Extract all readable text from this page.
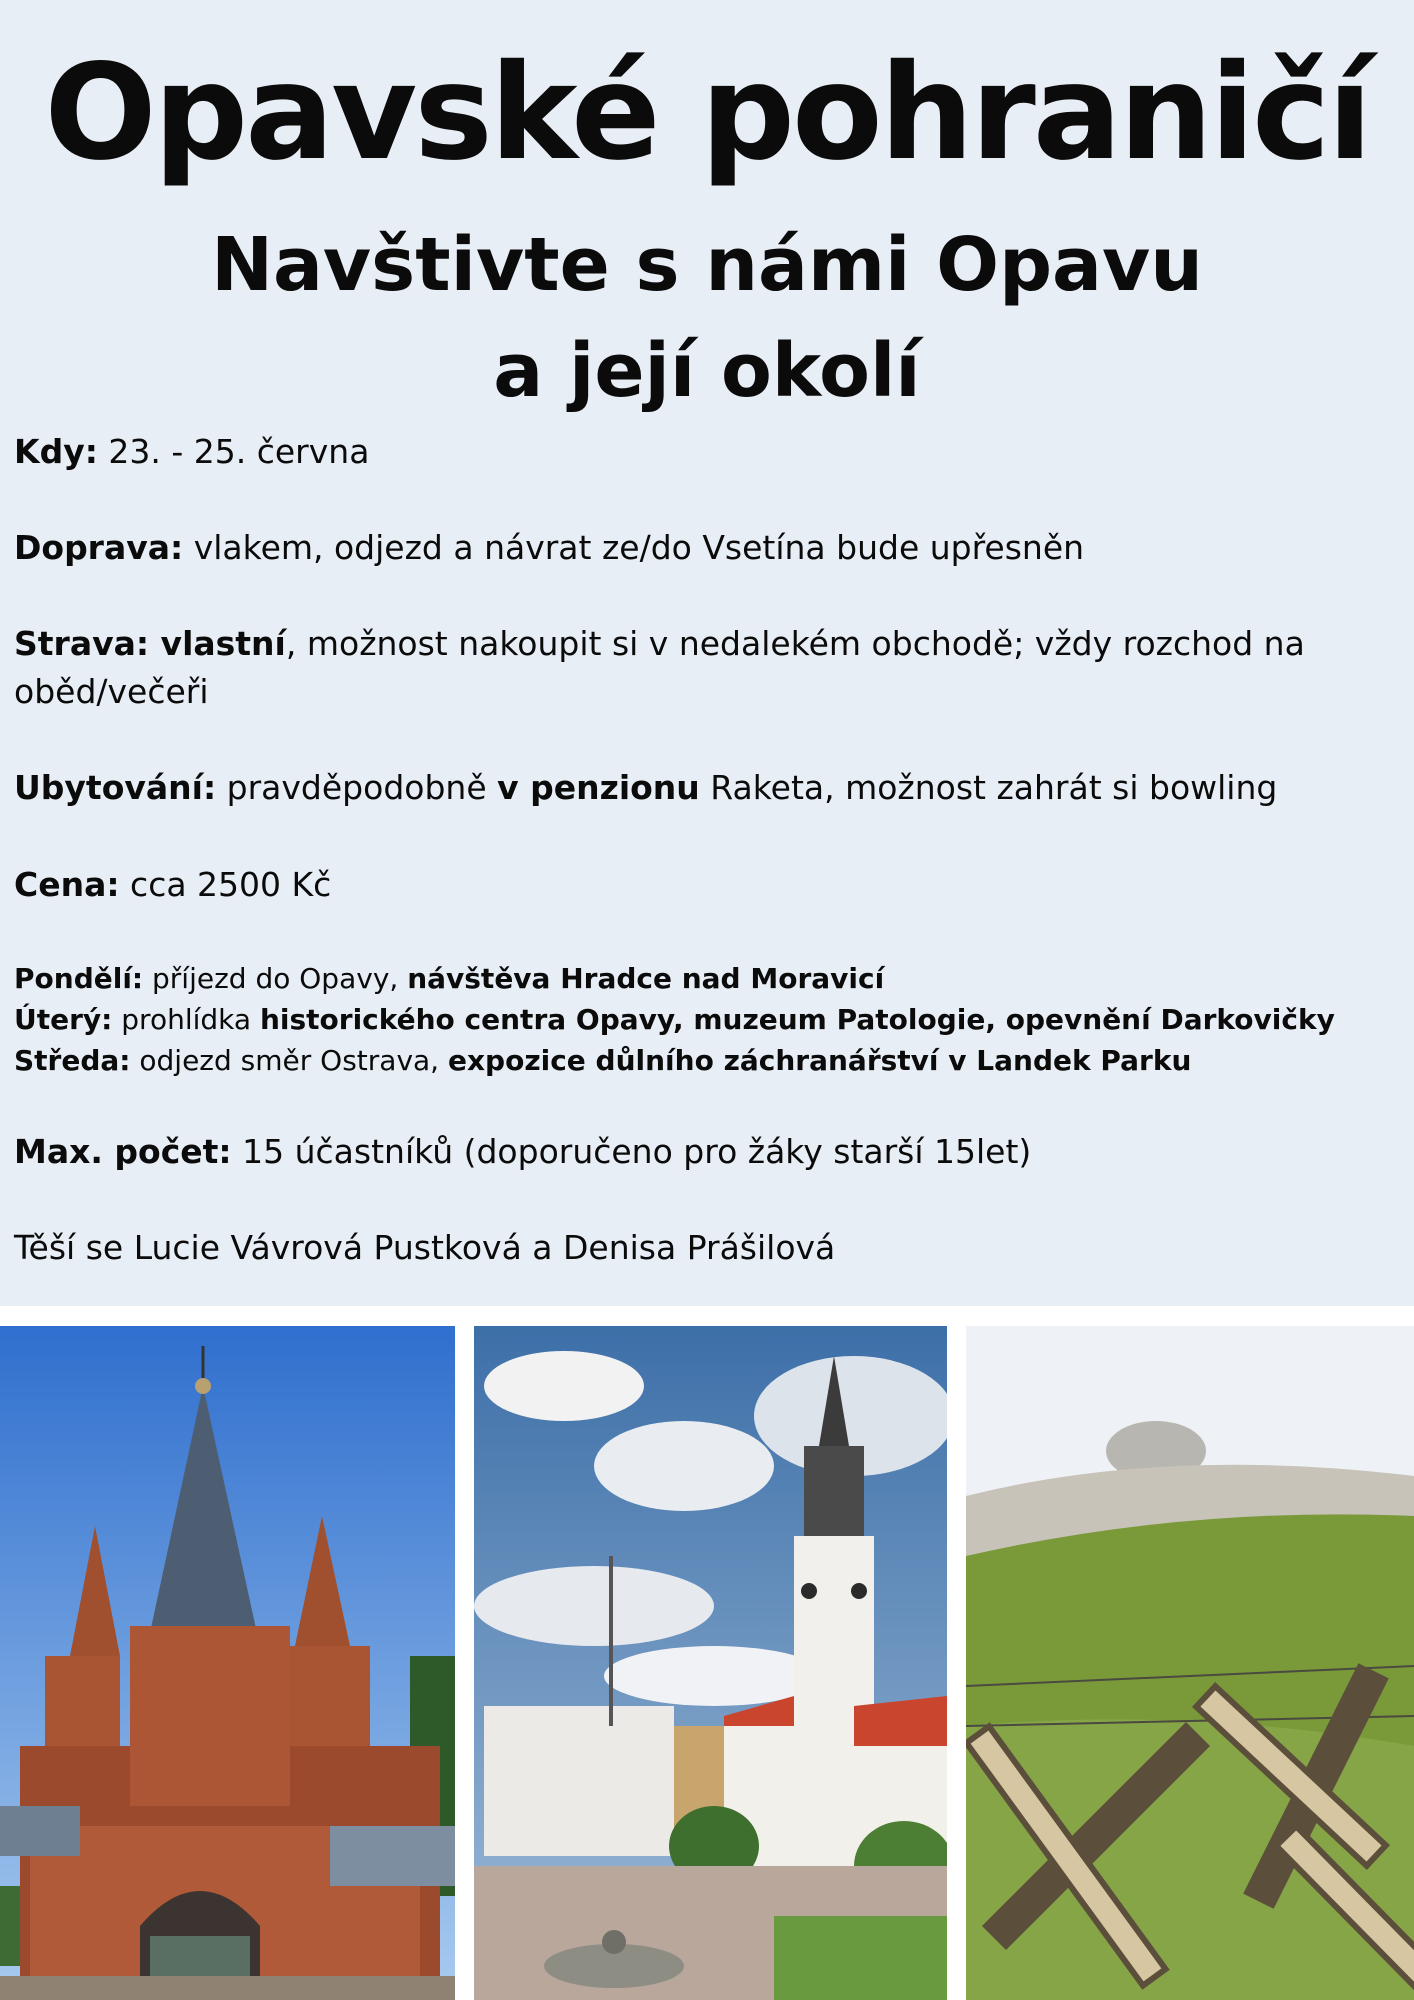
Opavské pohraničí
Navštivte s námi Opavu
a její okolí

Kdy: 23. - 25. června

Doprava: vlakem, odjezd a návrat ze/do Vsetína bude upřesněn

Strava: vlastní, možnost nakoupit si v nedalekém obchodě; vždy rozchod na oběd/večeři

Ubytování: pravděpodobně v penzionu Raketa, možnost zahrát si bowling

Cena: cca 2500 Kč

Pondělí: příjezd do Opavy, návštěva Hradce nad Moravicí
Úterý: prohlídka historického centra Opavy, muzeum Patologie, opevnění Darkovičky
Středa: odjezd směr Ostrava, expozice důlního záchranářství v Landek Parku

Max. počet: 15 účastníků (doporučeno pro žáky starší 15let)

Těší se Lucie Vávrová Pustková a Denisa Prášilová
